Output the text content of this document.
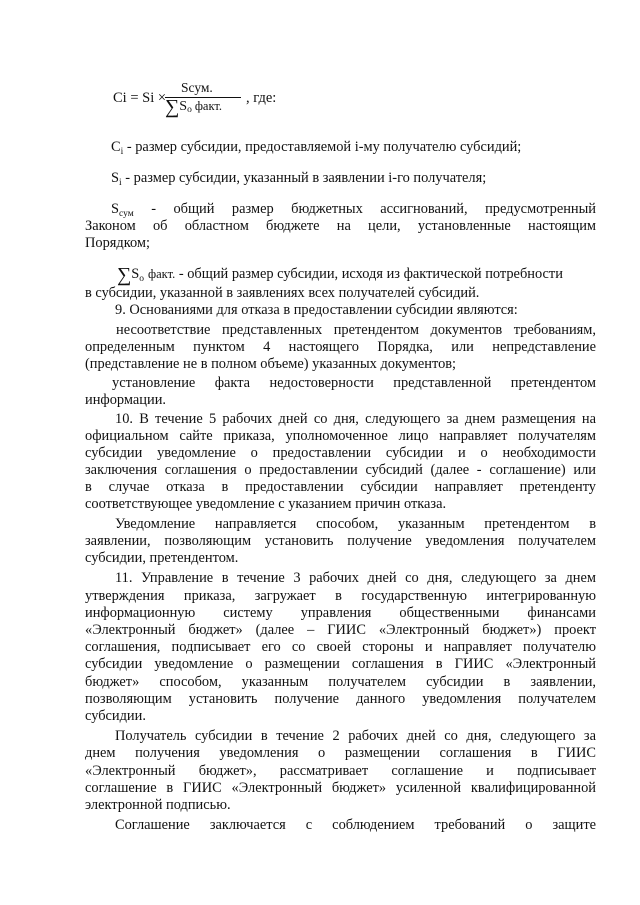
Ci = Si ×
Sсум.
∑Sо факт. , где:
$C_i$ - размер субсидии, предоставляемой i-му получателю субсидий;
$S_i$ - размер субсидии, указанный в заявлении i-го получателя;
$S_{сум}$ - общий размер бюджетных ассигнований, предусмотренный
Законом об областном бюджете на цели, установленные настоящим
Порядком;
$\sum S_о$ факт. - общий размер субсидии, исходя из фактической потребности
в субсидии, указанной в заявлениях всех получателей субсидий.
9. Основаниями для отказа в предоставлении субсидии являются:
несоответствие представленных претендентом документов требованиям,
определенным пунктом 4 настоящего Порядка, или непредставление
(представление не в полном объеме) указанных документов;
установление факта недостоверности представленной претендентом
информации.
10. В течение 5 рабочих дней со дня, следующего за днем размещения на
официальном сайте приказа, уполномоченное лицо направляет получателям
субсидии уведомление о предоставлении субсидии и о необходимости
заключения соглашения о предоставлении субсидий (далее - соглашение) или
в случае отказа в предоставлении субсидии направляет претенденту
соответствующее уведомление с указанием причин отказа.
Уведомление направляется способом, указанным претендентом в
заявлении, позволяющим установить получение уведомления получателем
субсидии, претендентом.
11. Управление в течение 3 рабочих дней со дня, следующего за днем
утверждения приказа, загружает в государственную интегрированную
информационную систему управления общественными финансами
«Электронный бюджет» (далее – ГИИС «Электронный бюджет») проект
соглашения, подписывает его со своей стороны и направляет получателю
субсидии уведомление о размещении соглашения в ГИИС «Электронный
бюджет» способом, указанным получателем субсидии в заявлении,
позволяющим установить получение данного уведомления получателем
субсидии.
Получатель субсидии в течение 2 рабочих дней со дня, следующего за
днем получения уведомления о размещении соглашения в ГИИС
«Электронный бюджет», рассматривает соглашение и подписывает
соглашение в ГИИС «Электронный бюджет» усиленной квалифицированной
электронной подписью.
Соглашение заключается с соблюдением требований о защите
